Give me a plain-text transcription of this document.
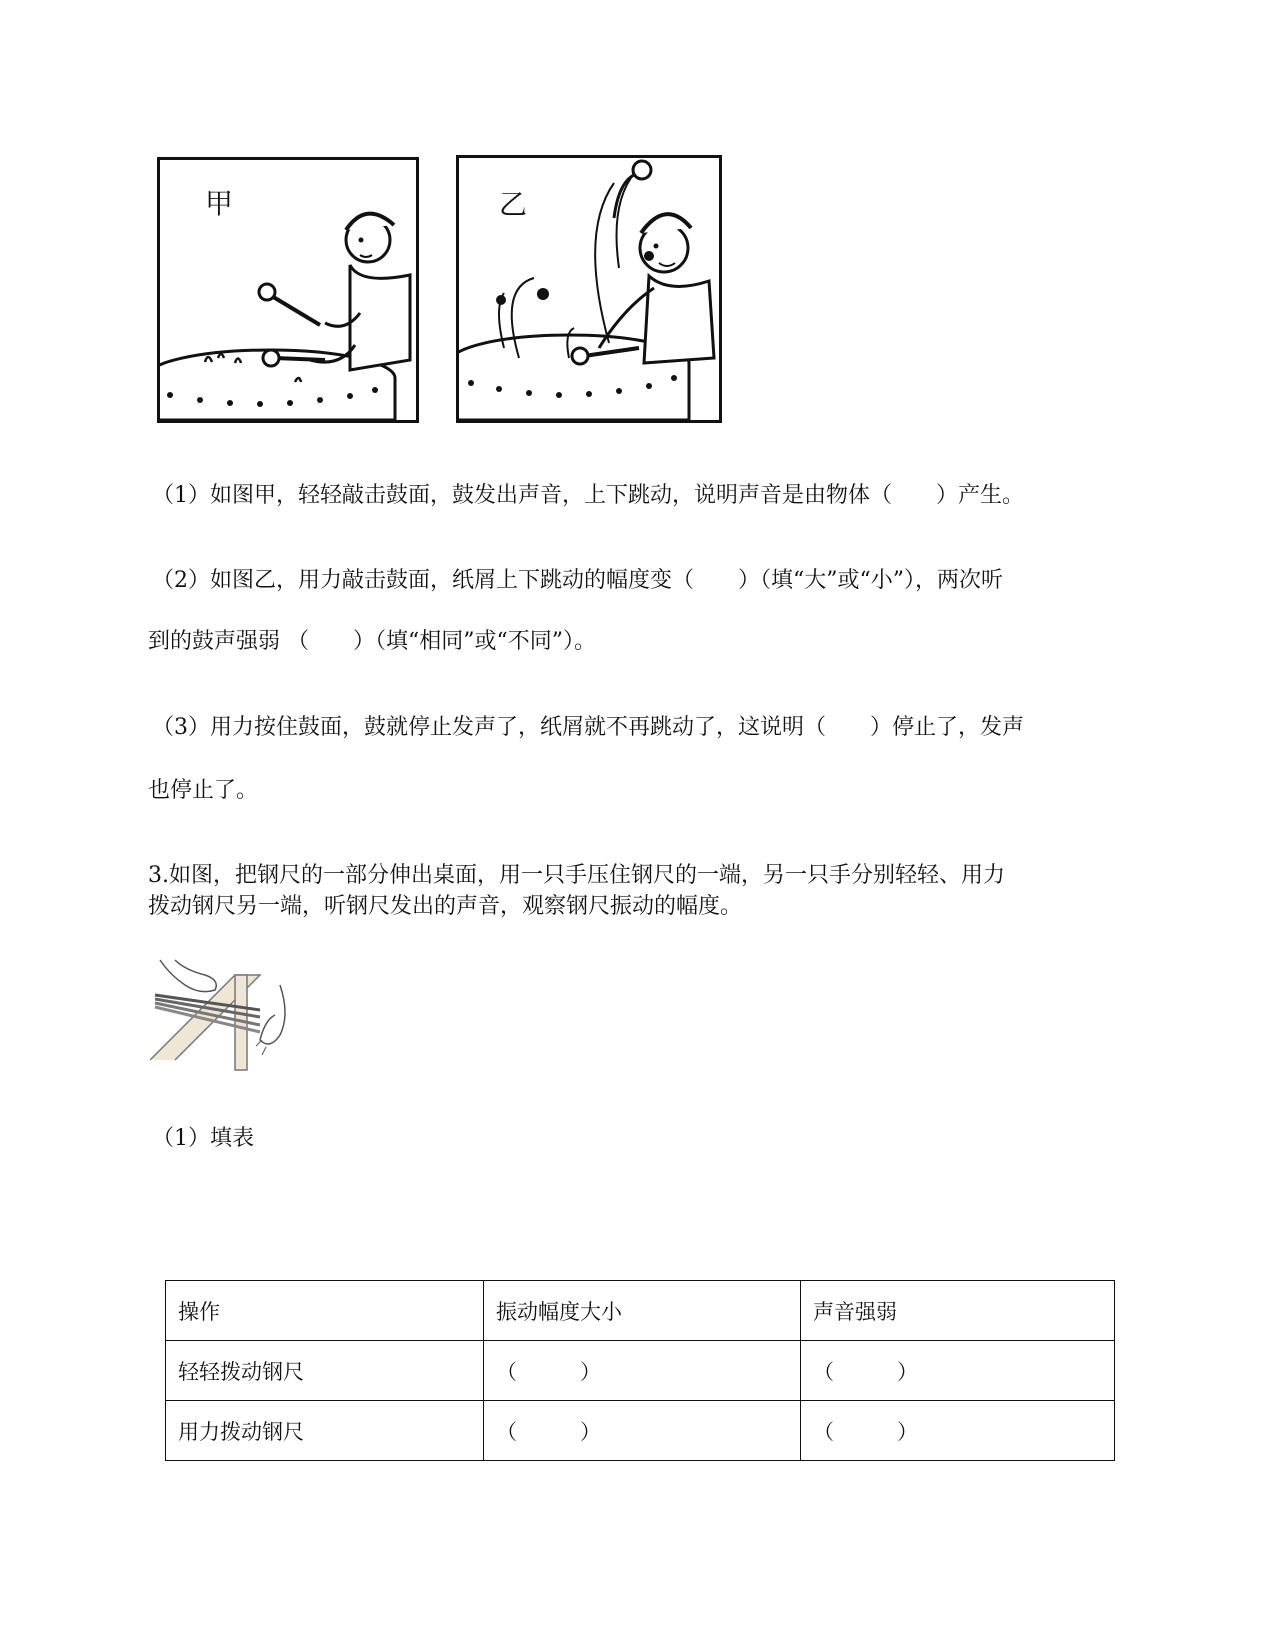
甲	乙
（1）如图甲，轻轻敲击鼓面，鼓发出声音，上下跳动，说明声音是由物体（　　）产生。
（2）如图乙，用力敲击鼓面，纸屑上下跳动的幅度变（　　）（填“大”或“小”），两次听
到的鼓声强弱 （　　）（填“相同”或“不同”）。
（3）用力按住鼓面，鼓就停止发声了，纸屑就不再跳动了，这说明（　　）停止了，发声
也停止了。
3.如图，把钢尺的一部分伸出桌面，用一只手压住钢尺的一端，另一只手分别轻轻、用力
拨动钢尺另一端，听钢尺发出的声音，观察钢尺振动的幅度。
（1）填表
操作	振动幅度大小	声音强弱
轻轻拨动钢尺	（　　　）	（　　　）
用力拨动钢尺	（　　　）	（　　　）
